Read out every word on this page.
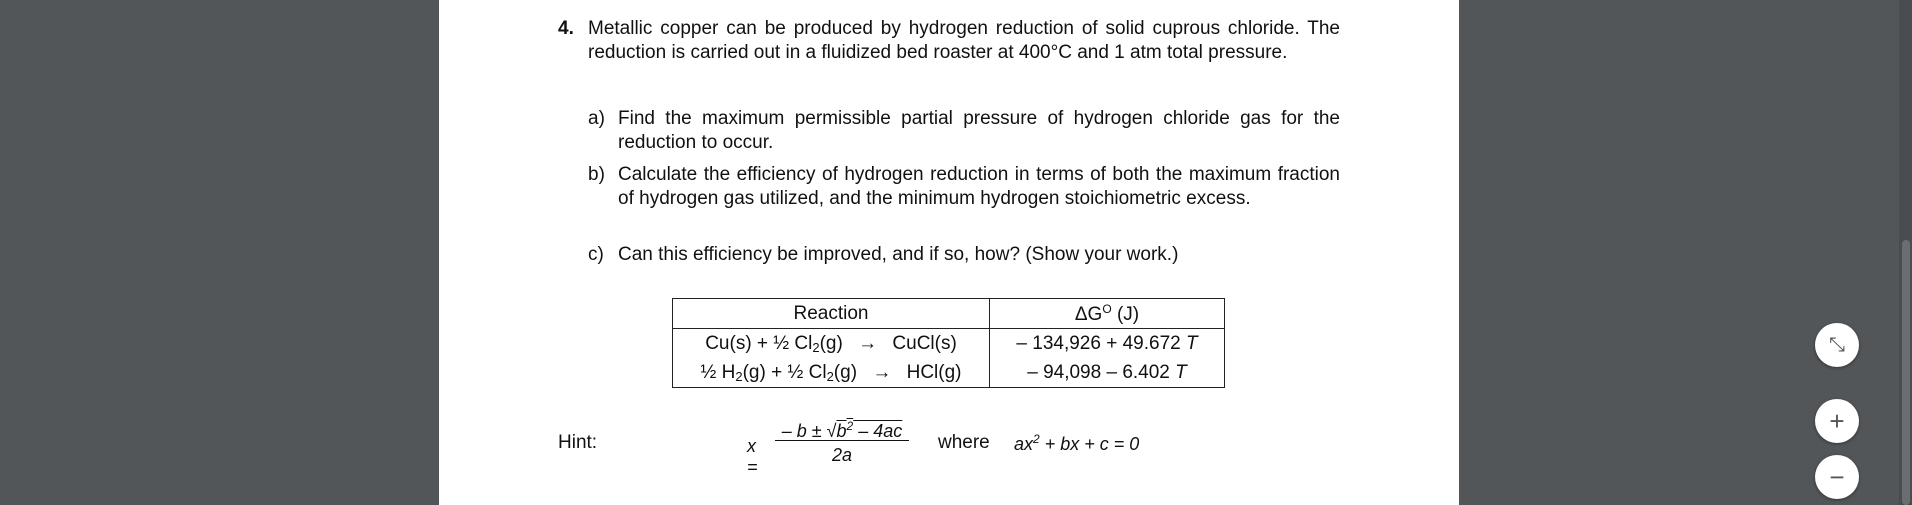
4. Metallic copper can be produced by hydrogen reduction of solid cuprous chloride. The reduction is carried out in a fluidized bed roaster at 400°C and 1 atm total pressure.
a) Find the maximum permissible partial pressure of hydrogen chloride gas for the reduction to occur.
b) Calculate the efficiency of hydrogen reduction in terms of both the maximum fraction of hydrogen gas utilized, and the minimum hydrogen stoichiometric excess.
c) Can this efficiency be improved, and if so, how? (Show your work.)
Reaction	$\Delta G^O$ (J)
Cu(s) + ½ $Cl_2(g)$ → CuCl(s)	– 134,926 + 49.672 T
½ $H_2(g)$ + ½ $Cl_2(g) \to HCl(g)$	– 94,098 – 6.402 T
Hint:	$x = \frac{- b \pm √b^2 - 4ac}{2a}$ where $ax^2$ + bx + c = 0
⤡
+
−
